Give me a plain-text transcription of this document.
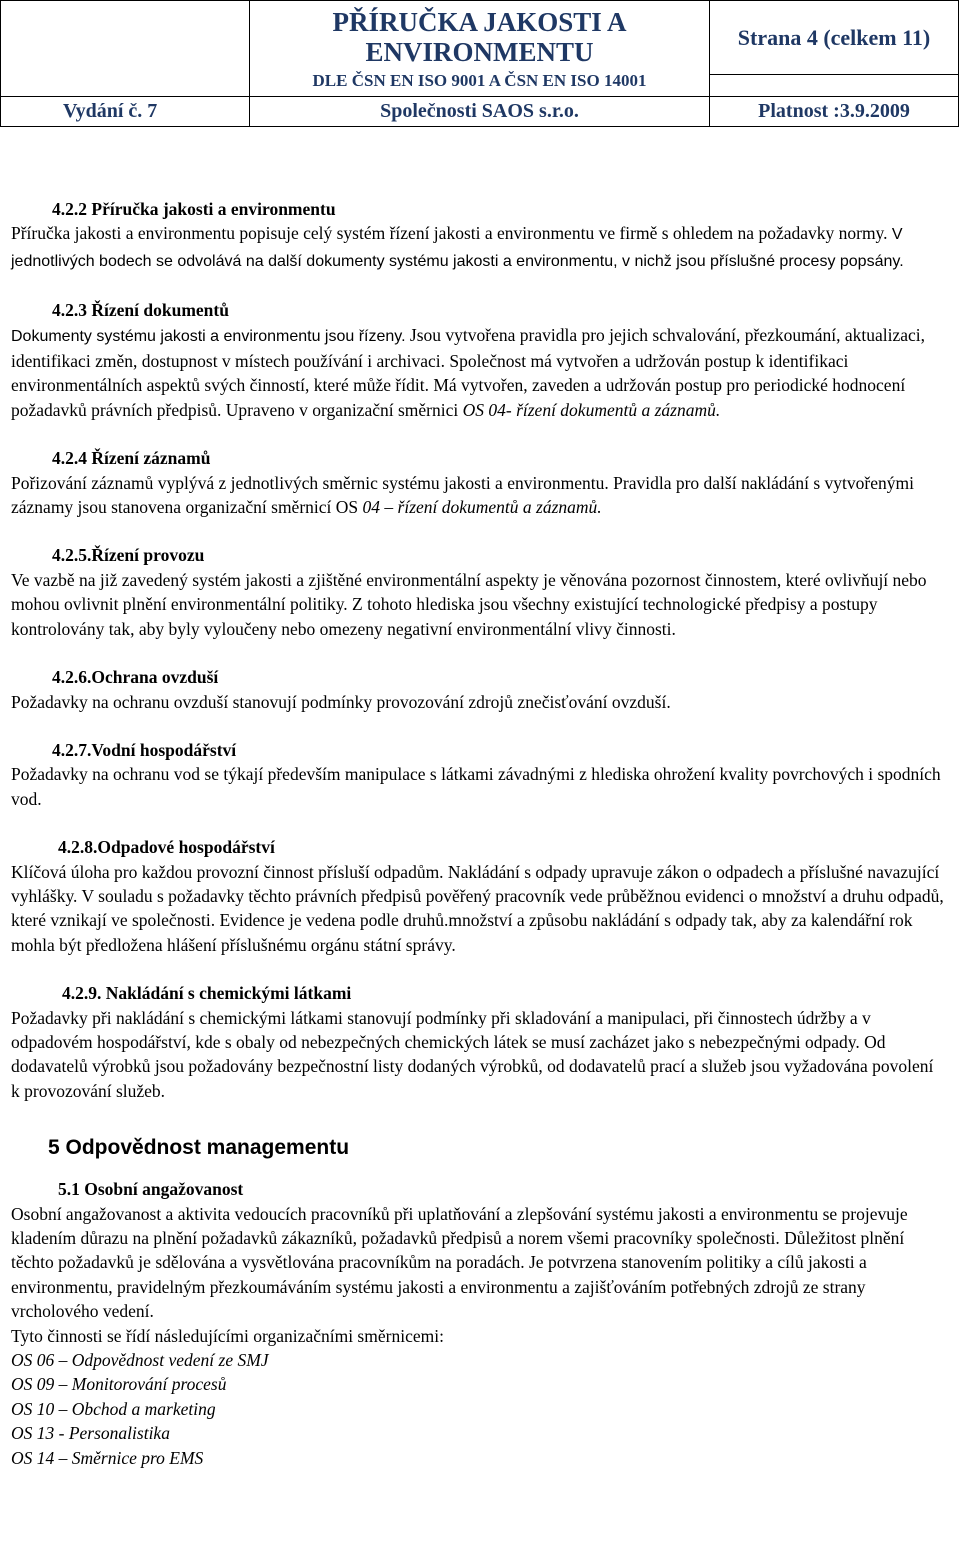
PŘÍRUČKA JAKOSTI A
ENVIRONMENTU
DLE ČSN EN ISO 9001 A ČSN EN ISO 14001
Strana 4 (celkem 11)
Vydání č. 7	Společnosti SAOS s.r.o.	Platnost :3.9.2009
4.2.2 Příručka jakosti a environmentu
Příručka jakosti a environmentu popisuje celý systém řízení jakosti a environmentu ve firmě s ohledem na požadavky normy. V jednotlivých bodech se odvolává na další dokumenty systému jakosti a environmentu, v nichž jsou příslušné procesy popsány.
4.2.3 Řízení dokumentů
Dokumenty systému jakosti a environmentu jsou řízeny. Jsou vytvořena pravidla pro jejich schvalování, přezkoumání, aktualizaci, identifikaci změn, dostupnost v místech používání i archivaci. Společnost má vytvořen a udržován postup k identifikaci environmentálních aspektů svých činností, které může řídit. Má vytvořen, zaveden a udržován postup pro periodické hodnocení požadavků právních předpisů. Upraveno v organizační směrnici OS 04- řízení dokumentů a záznamů.
4.2.4 Řízení záznamů
Pořizování záznamů vyplývá z jednotlivých směrnic systému jakosti a environmentu. Pravidla pro další nakládání s vytvořenými záznamy jsou stanovena organizační směrnicí OS 04 – řízení dokumentů a záznamů.
4.2.5.Řízení provozu
Ve vazbě na již zavedený systém jakosti a zjištěné environmentální aspekty je věnována pozornost činnostem, které ovlivňují nebo mohou ovlivnit plnění environmentální politiky. Z tohoto hlediska jsou všechny existující technologické předpisy a postupy kontrolovány tak, aby byly vyloučeny nebo omezeny negativní environmentální vlivy činnosti.
4.2.6.Ochrana ovzduší
Požadavky na ochranu ovzduší stanovují podmínky provozování zdrojů znečisťování ovzduší.
4.2.7.Vodní hospodářství
Požadavky na ochranu vod se týkají především manipulace s látkami závadnými z hlediska ohrožení kvality povrchových i spodních vod.
4.2.8.Odpadové hospodářství
Klíčová úloha pro každou provozní činnost přísluší odpadům. Nakládání s odpady upravuje zákon o odpadech a příslušné navazující vyhlášky. V souladu s požadavky těchto právních předpisů pověřený pracovník vede průběžnou evidenci o množství a druhu odpadů, které vznikají ve společnosti. Evidence je vedena podle druhů.množství a způsobu nakládání s odpady tak, aby za kalendářní rok mohla být předložena hlášení příslušnému orgánu státní správy.
4.2.9. Nakládání s chemickými látkami
Požadavky při nakládání s chemickými látkami stanovují podmínky při skladování a manipulaci, při činnostech údržby a v odpadovém hospodářství, kde s obaly od nebezpečných chemických látek se musí zacházet jako s nebezpečnými odpady. Od dodavatelů výrobků jsou požadovány bezpečnostní listy dodaných výrobků, od dodavatelů prací a služeb jsou vyžadována povolení k provozování služeb.
5 Odpovědnost managementu
5.1 Osobní angažovanost
Osobní angažovanost a aktivita vedoucích pracovníků při uplatňování a zlepšování systému jakosti a environmentu se projevuje kladením důrazu na plnění požadavků zákazníků, požadavků předpisů a norem všemi pracovníky společnosti. Důležitost plnění těchto požadavků je sdělována a vysvětlována pracovníkům na poradách. Je potvrzena stanovením politiky a cílů jakosti a environmentu, pravidelným přezkoumáváním systému jakosti a environmentu a zajišťováním potřebných zdrojů ze strany vrcholového vedení.
Tyto činnosti se řídí následujícími organizačními směrnicemi:
OS 06 – Odpovědnost vedení ze SMJ
OS 09 – Monitorování procesů
OS 10 – Obchod a marketing
OS 13 - Personalistika
OS 14 – Směrnice pro EMS
